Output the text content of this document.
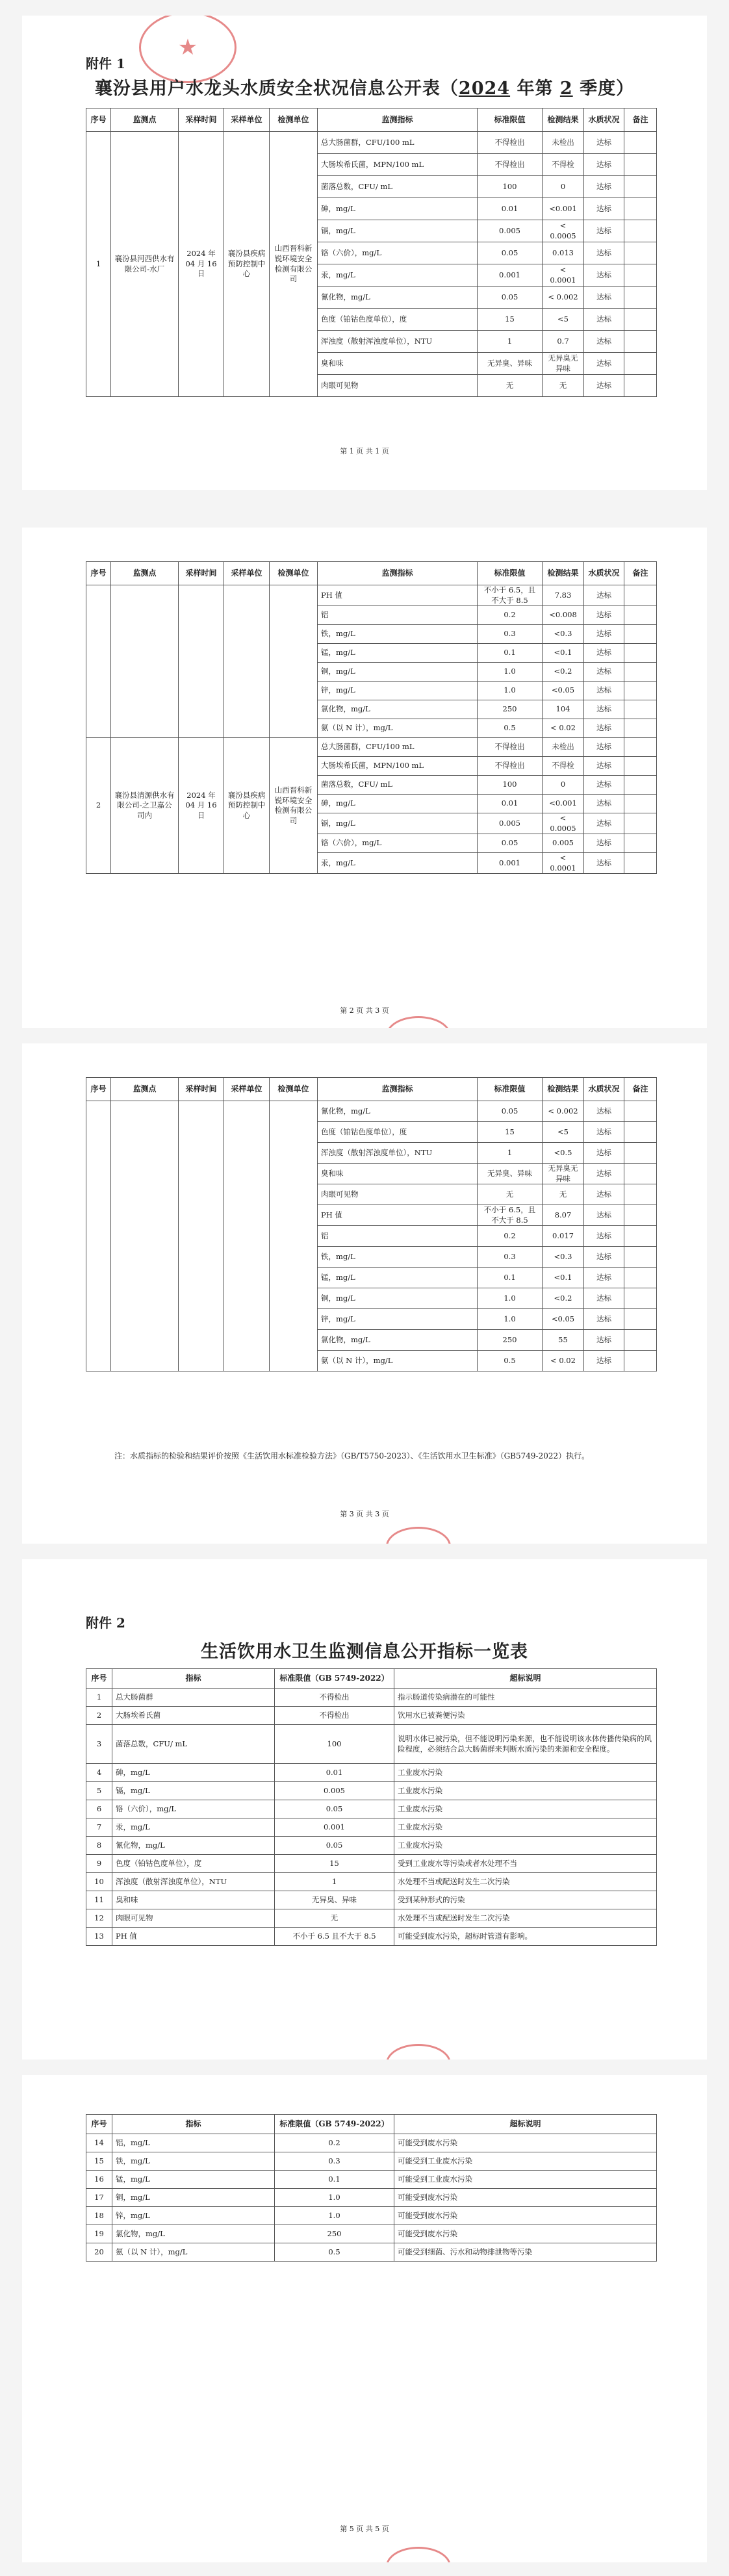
★
附件 1
襄汾县用户水龙头水质安全状况信息公开表（2024 年第 2 季度）
序号	监测点	采样时间	采样单位	检测单位	监测指标	标准限值	检测结果	水质状况	备注
1	襄汾县河西供水有限公司-水厂	2024 年 04 月 16 日	襄汾县疾病预防控制中心	山西晋科新锐环境安全检测有限公司	总大肠菌群，CFU/100 mL	不得检出	未检出	达标	
					大肠埃希氏菌，MPN/100 mL	不得检出	不得检	达标	
					菌落总数，CFU/ mL	100	0	达标	
					砷，mg/L	0.01	<0.001	达标	
					镉，mg/L	0.005	< 0.0005	达标	
					铬（六价），mg/L	0.05	0.013	达标	
					汞，mg/L	0.001	< 0.0001	达标	
					氰化物，mg/L	0.05	< 0.002	达标	
					色度（铂钴色度单位），度	15	<5	达标	
					浑浊度（散射浑浊度单位），NTU	1	0.7	达标	
					臭和味	无异臭、异味	无异臭无异味	达标	
					肉眼可见物	无	无	达标	
第 1 页 共 1 页
序号	监测点	采样时间	采样单位	检测单位	监测指标	标准限值	检测结果	水质状况	备注
					PH 值	不小于 6.5，且不大于 8.5	7.83	达标	
					铝	0.2	<0.008	达标	
					铁，mg/L	0.3	<0.3	达标	
					锰，mg/L	0.1	<0.1	达标	
					铜，mg/L	1.0	<0.2	达标	
					锌，mg/L	1.0	<0.05	达标	
					氯化物，mg/L	250	104	达标	
					氨（以 N 计），mg/L	0.5	< 0.02	达标	
2	襄汾县清源供水有限公司-之卫嘉公司内	2024 年 04 月 16 日	襄汾县疾病预防控制中心	山西晋科新锐环境安全检测有限公司	总大肠菌群，CFU/100 mL	不得检出	未检出	达标	
					大肠埃希氏菌，MPN/100 mL	不得检出	不得检	达标	
					菌落总数，CFU/ mL	100	0	达标	
					砷，mg/L	0.01	<0.001	达标	
					镉，mg/L	0.005	< 0.0005	达标	
					铬（六价），mg/L	0.05	0.005	达标	
					汞，mg/L	0.001	< 0.0001	达标	
第 2 页 共 3 页
序号	监测点	采样时间	采样单位	检测单位	监测指标	标准限值	检测结果	水质状况	备注
					氰化物，mg/L	0.05	< 0.002	达标	
					色度（铂钴色度单位），度	15	<5	达标	
					浑浊度（散射浑浊度单位），NTU	1	<0.5	达标	
					臭和味	无异臭、异味	无异臭无异味	达标	
					肉眼可见物	无	无	达标	
					PH 值	不小于 6.5，且不大于 8.5	8.07	达标	
					铝	0.2	0.017	达标	
					铁，mg/L	0.3	<0.3	达标	
					锰，mg/L	0.1	<0.1	达标	
					铜，mg/L	1.0	<0.2	达标	
					锌，mg/L	1.0	<0.05	达标	
					氯化物，mg/L	250	55	达标	
					氨（以 N 计），mg/L	0.5	< 0.02	达标	
注：水质指标的检验和结果评价按照《生活饮用水标准检验方法》（GB/T5750-2023）、《生活饮用水卫生标准》（GB5749-2022）执行。
第 3 页 共 3 页
附件 2
生活饮用水卫生监测信息公开指标一览表
序号	指标	标准限值（GB 5749-2022）	超标说明
1	总大肠菌群	不得检出	指示肠道传染病潜在的可能性
2	大肠埃希氏菌	不得检出	饮用水已被粪便污染
3	菌落总数，CFU/ mL	100	说明水体已被污染，但不能说明污染来源，也不能说明该水体传播传染病的风险程度，必须结合总大肠菌群来判断水质污染的来源和安全程度。
4	砷，mg/L	0.01	工业废水污染
5	镉，mg/L	0.005	工业废水污染
6	铬（六价），mg/L	0.05	工业废水污染
7	汞，mg/L	0.001	工业废水污染
8	氰化物，mg/L	0.05	工业废水污染
9	色度（铂钴色度单位），度	15	受到工业废水等污染或者水处理不当
10	浑浊度（散射浑浊度单位），NTU	1	水处理不当或配送时发生二次污染
11	臭和味	无异臭、异味	受到某种形式的污染
12	肉眼可见物	无	水处理不当或配送时发生二次污染
13	PH 值	不小于 6.5 且不大于 8.5	可能受到废水污染，超标时管道有影响。
序号	指标	标准限值（GB 5749-2022）	超标说明
14	铝，mg/L	0.2	可能受到废水污染
15	铁，mg/L	0.3	可能受到工业废水污染
16	锰，mg/L	0.1	可能受到工业废水污染
17	铜，mg/L	1.0	可能受到废水污染
18	锌，mg/L	1.0	可能受到废水污染
19	氯化物，mg/L	250	可能受到废水污染
20	氨（以 N 计），mg/L	0.5	可能受到细菌、污水和动物排泄物等污染
第 5 页 共 5 页
